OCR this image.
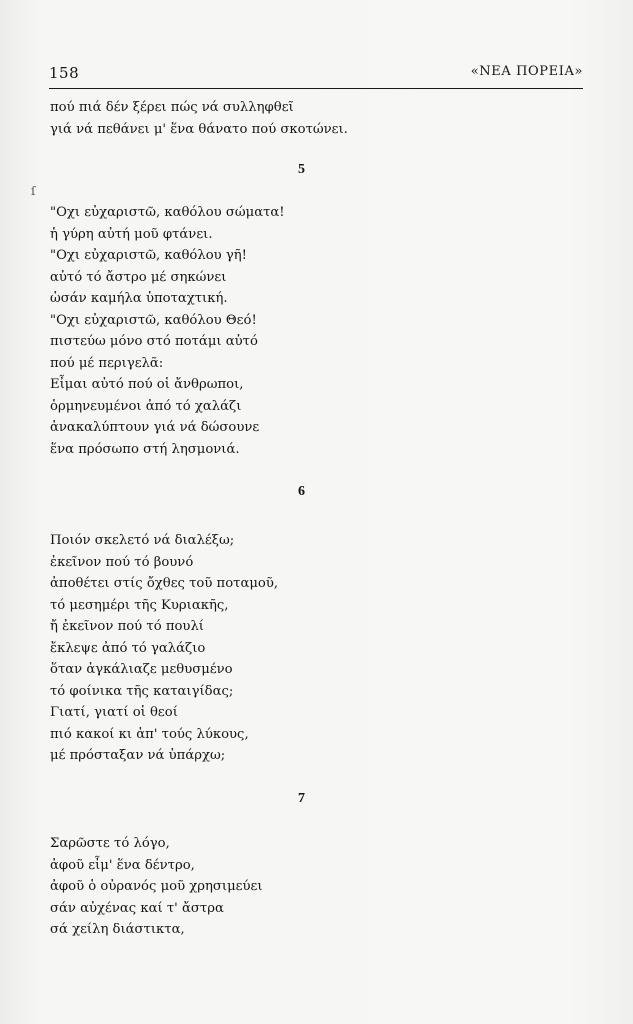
158	«ΝΕΑ ΠΟΡΕΙΑ»
ſ
πού πιά δέν ξέρει πώς νά συλληφθεῖ
γιά νά πεθάνει μ' ἕνα θάνατο πού σκοτώνει.
5
"Οχι εὐχαριστῶ, καθόλου σώματα!
ἡ γύρη αὐτή μοῦ φτάνει.
"Οχι εὐχαριστῶ, καθόλου γῆ!
αὐτό τό ἄστρο μέ σηκώνει
ὡσάν καμήλα ὑποταχτική.
"Οχι εὐχαριστῶ, καθόλου Θεό!
πιστεύω μόνο στό ποτάμι αὐτό
πού μέ περιγελᾶ:
Εἶμαι αὐτό πού οἱ ἄνθρωποι,
ὁρμηνευμένοι ἀπό τό χαλάζι
ἀνακαλύπτουν γιά νά δώσουνε
ἕνα πρόσωπο στή λησμονιά.
6
Ποιόν σκελετό νά διαλέξω;
ἐκεῖνον πού τό βουνό
ἀποθέτει στίς ὄχθες τοῦ ποταμοῦ,
τό μεσημέρι τῆς Κυριακῆς,
ἤ ἐκεῖνον πού τό πουλί
ἔκλεψε ἀπό τό γαλάζιο
ὅταν ἀγκάλιαζε μεθυσμένο
τό φοίνικα τῆς καταιγίδας;
Γιατί, γιατί οἱ θεοί
πιό κακοί κι ἀπ' τούς λύκους,
μέ πρόσταξαν νά ὑπάρχω;
7
Σαρῶστε τό λόγο,
ἀφοῦ εἶμ' ἕνα δέντρο,
ἀφοῦ ὁ οὐρανός μοῦ χρησιμεύει
σάν αὐχένας καί τ' ἄστρα
σά χείλη διάστικτα,
